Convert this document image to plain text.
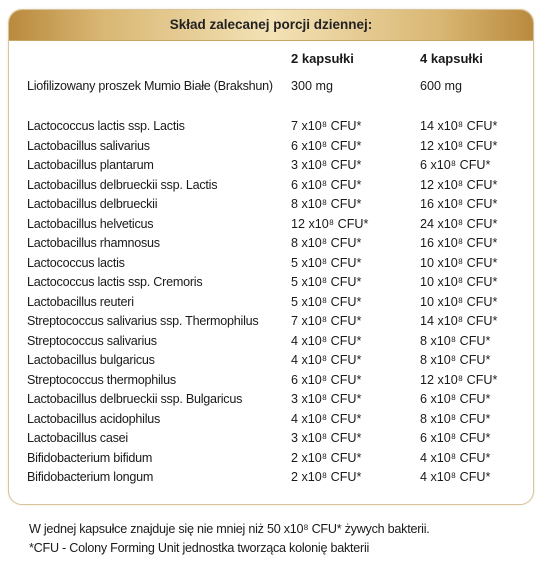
Skład zalecanej porcji dziennej:
2 kapsułki	4 kapsułki
Liofilizowany proszek Mumio Białe (Brakshun)	300 mg	600 mg
Lactococcus lactis ssp. Lactis	7 x10⁸ CFU*	14 x10⁸ CFU*
Lactobacillus salivarius	6 x10⁸ CFU*	12 x10⁸ CFU*
Lactobacillus plantarum	3 x10⁸ CFU*	6 x10⁸ CFU*
Lactobacillus delbrueckii ssp. Lactis	6 x10⁸ CFU*	12 x10⁸ CFU*
Lactobacillus delbrueckii	8 x10⁸ CFU*	16 x10⁸ CFU*
Lactobacillus helveticus	12 x10⁸ CFU*	24 x10⁸ CFU*
Lactobacillus rhamnosus	8 x10⁸ CFU*	16 x10⁸ CFU*
Lactococcus lactis	5 x10⁸ CFU*	10 x10⁸ CFU*
Lactococcus lactis ssp. Cremoris	5 x10⁸ CFU*	10 x10⁸ CFU*
Lactobacillus reuteri	5 x10⁸ CFU*	10 x10⁸ CFU*
Streptococcus salivarius ssp. Thermophilus	7 x10⁸ CFU*	14 x10⁸ CFU*
Streptococcus salivarius	4 x10⁸ CFU*	8 x10⁸ CFU*
Lactobacillus bulgaricus	4 x10⁸ CFU*	8 x10⁸ CFU*
Streptococcus thermophilus	6 x10⁸ CFU*	12 x10⁸ CFU*
Lactobacillus delbrueckii ssp. Bulgaricus	3 x10⁸ CFU*	6 x10⁸ CFU*
Lactobacillus acidophilus	4 x10⁸ CFU*	8 x10⁸ CFU*
Lactobacillus casei	3 x10⁸ CFU*	6 x10⁸ CFU*
Bifidobacterium bifidum	2 x10⁸ CFU*	4 x10⁸ CFU*
Bifidobacterium longum	2 x10⁸ CFU*	4 x10⁸ CFU*
W jednej kapsułce znajduje się nie mniej niż 50 x10⁸ CFU* żywych bakterii.
*CFU - Colony Forming Unit jednostka tworząca kolonię bakterii
